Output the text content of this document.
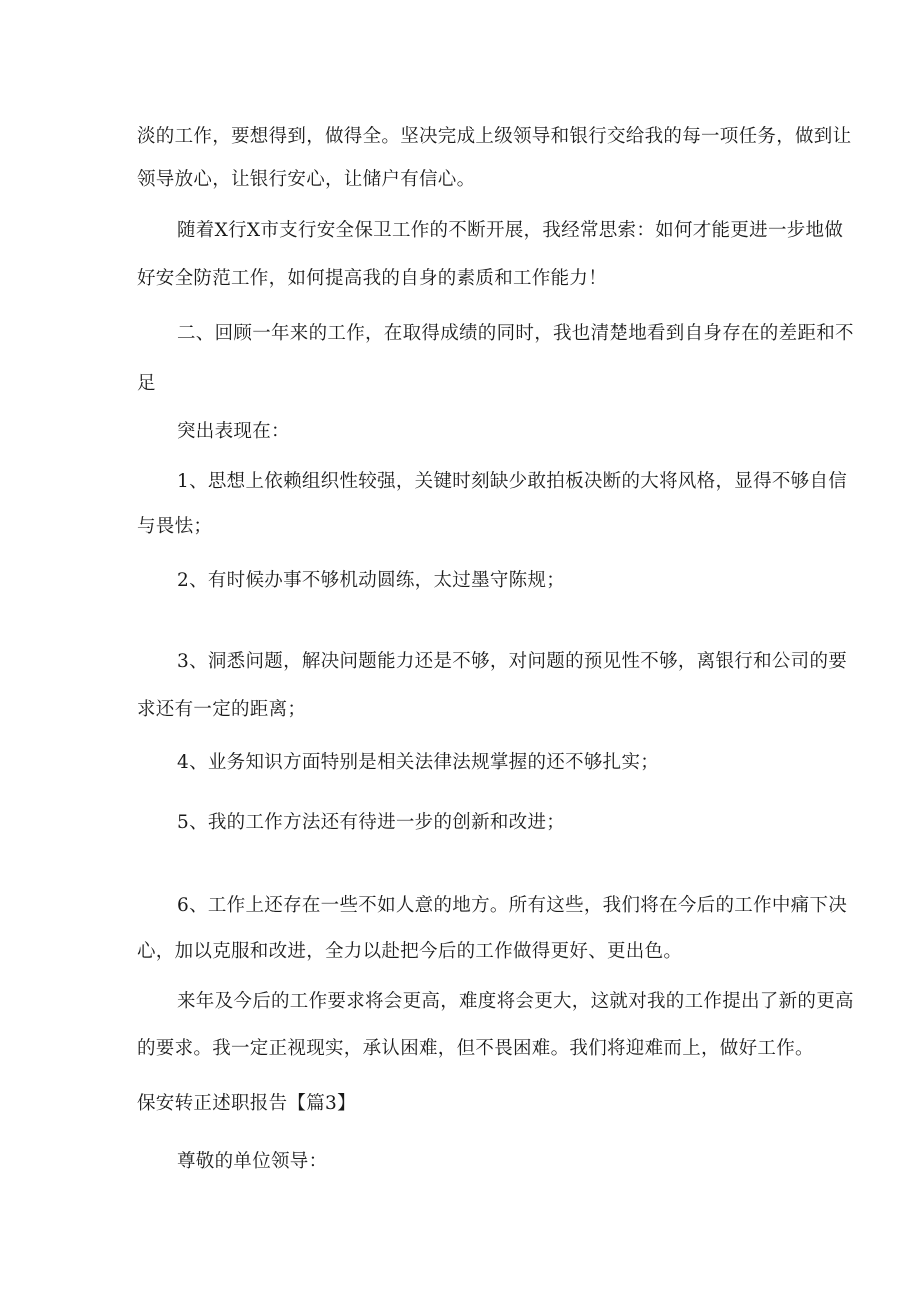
淡的工作，要想得到，做得全。坚决完成上级领导和银行交给我的每一项任务，做到让

领导放心，让银行安心，让储户有信心。

随着X行X市支行安全保卫工作的不断开展，我经常思索：如何才能更进一步地做

好安全防范工作，如何提高我的自身的素质和工作能力！

二、回顾一年来的工作，在取得成绩的同时，我也清楚地看到自身存在的差距和不

足

突出表现在：

1、思想上依赖组织性较强，关键时刻缺少敢拍板决断的大将风格，显得不够自信

与畏怯；

2、有时候办事不够机动圆练，太过墨守陈规；

3、洞悉问题，解决问题能力还是不够，对问题的预见性不够，离银行和公司的要

求还有一定的距离；

4、业务知识方面特别是相关法律法规掌握的还不够扎实；

5、我的工作方法还有待进一步的创新和改进；

6、工作上还存在一些不如人意的地方。所有这些，我们将在今后的工作中痛下决

心，加以克服和改进，全力以赴把今后的工作做得更好、更出色。

来年及今后的工作要求将会更高，难度将会更大，这就对我的工作提出了新的更高

的要求。我一定正视现实，承认困难，但不畏困难。我们将迎难而上，做好工作。

保安转正述职报告【篇3】

尊敬的单位领导：
